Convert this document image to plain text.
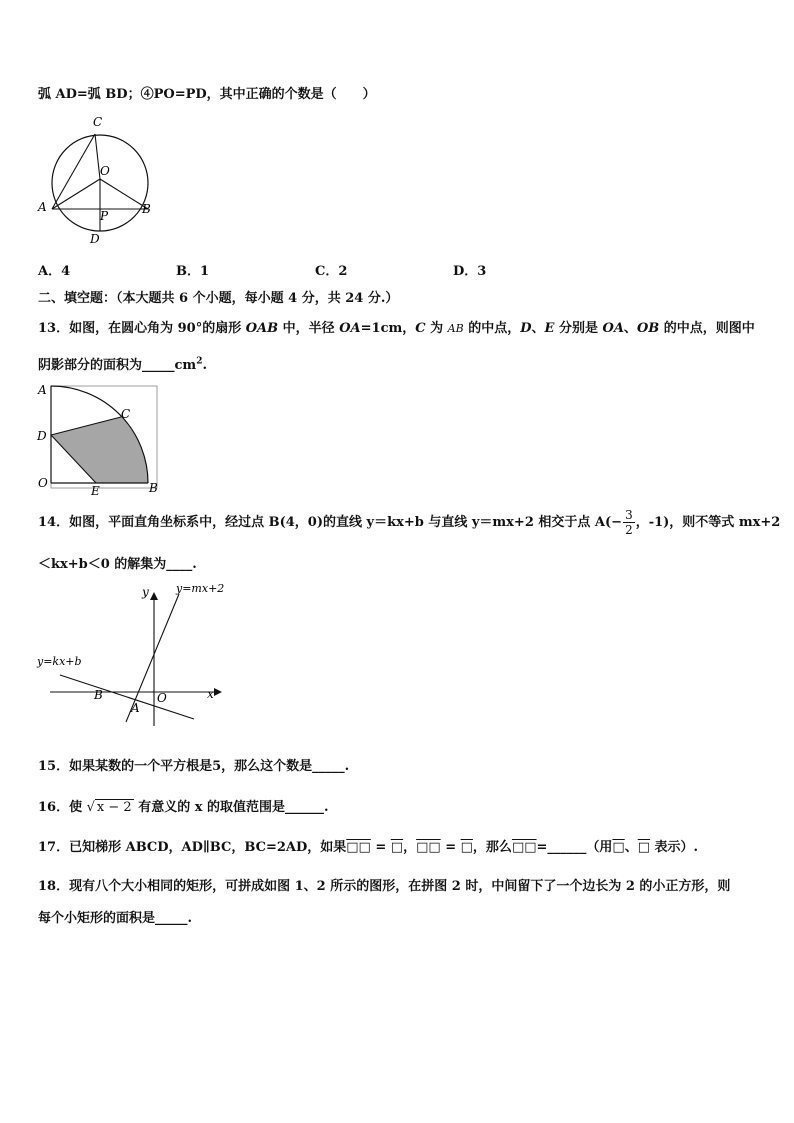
弧 AD=弧 BD；④PO=PD，其中正确的个数是（　　）
C
O
A
P	B
D
A．4	B．1	C．2	D．3
二、填空题：（本大题共 6 个小题，每小题 4 分，共 24 分.）
13．如图，在圆心角为 90°的扇形 OAB 中，半径 OA=1cm，C 为 AB 的中点，D、E 分别是 OA、OB 的中点，则图中
阴影部分的面积为$\_\_\_\_\_cm^2$.
A
C
D
O
E	B
14．如图，平面直角坐标系中，经过点 B(4，0)的直线 y＝kx+b 与直线 y＝mx+2 相交于点 $A(- \frac{3}{2}$ ，-1)，则不等式 mx+2
＜kx+b＜0 的解集为____.
y
x
y=mx+2
y=kx+b
B	O
A
15．如果某数的一个平方根是5，那么这个数是_____.
16．使 √ x − 2 有意义的 x 的取值范围是______.
17．已知梯形 ABCD，AD∥BC，BC=2AD，如果□□ = □，□□ = □，那么□□=______（用□、□ 表示）.
18．现有八个大小相同的矩形，可拼成如图 1、2 所示的图形，在拼图 2 时，中间留下了一个边长为 2 的小正方形，则
每个小矩形的面积是_____.
